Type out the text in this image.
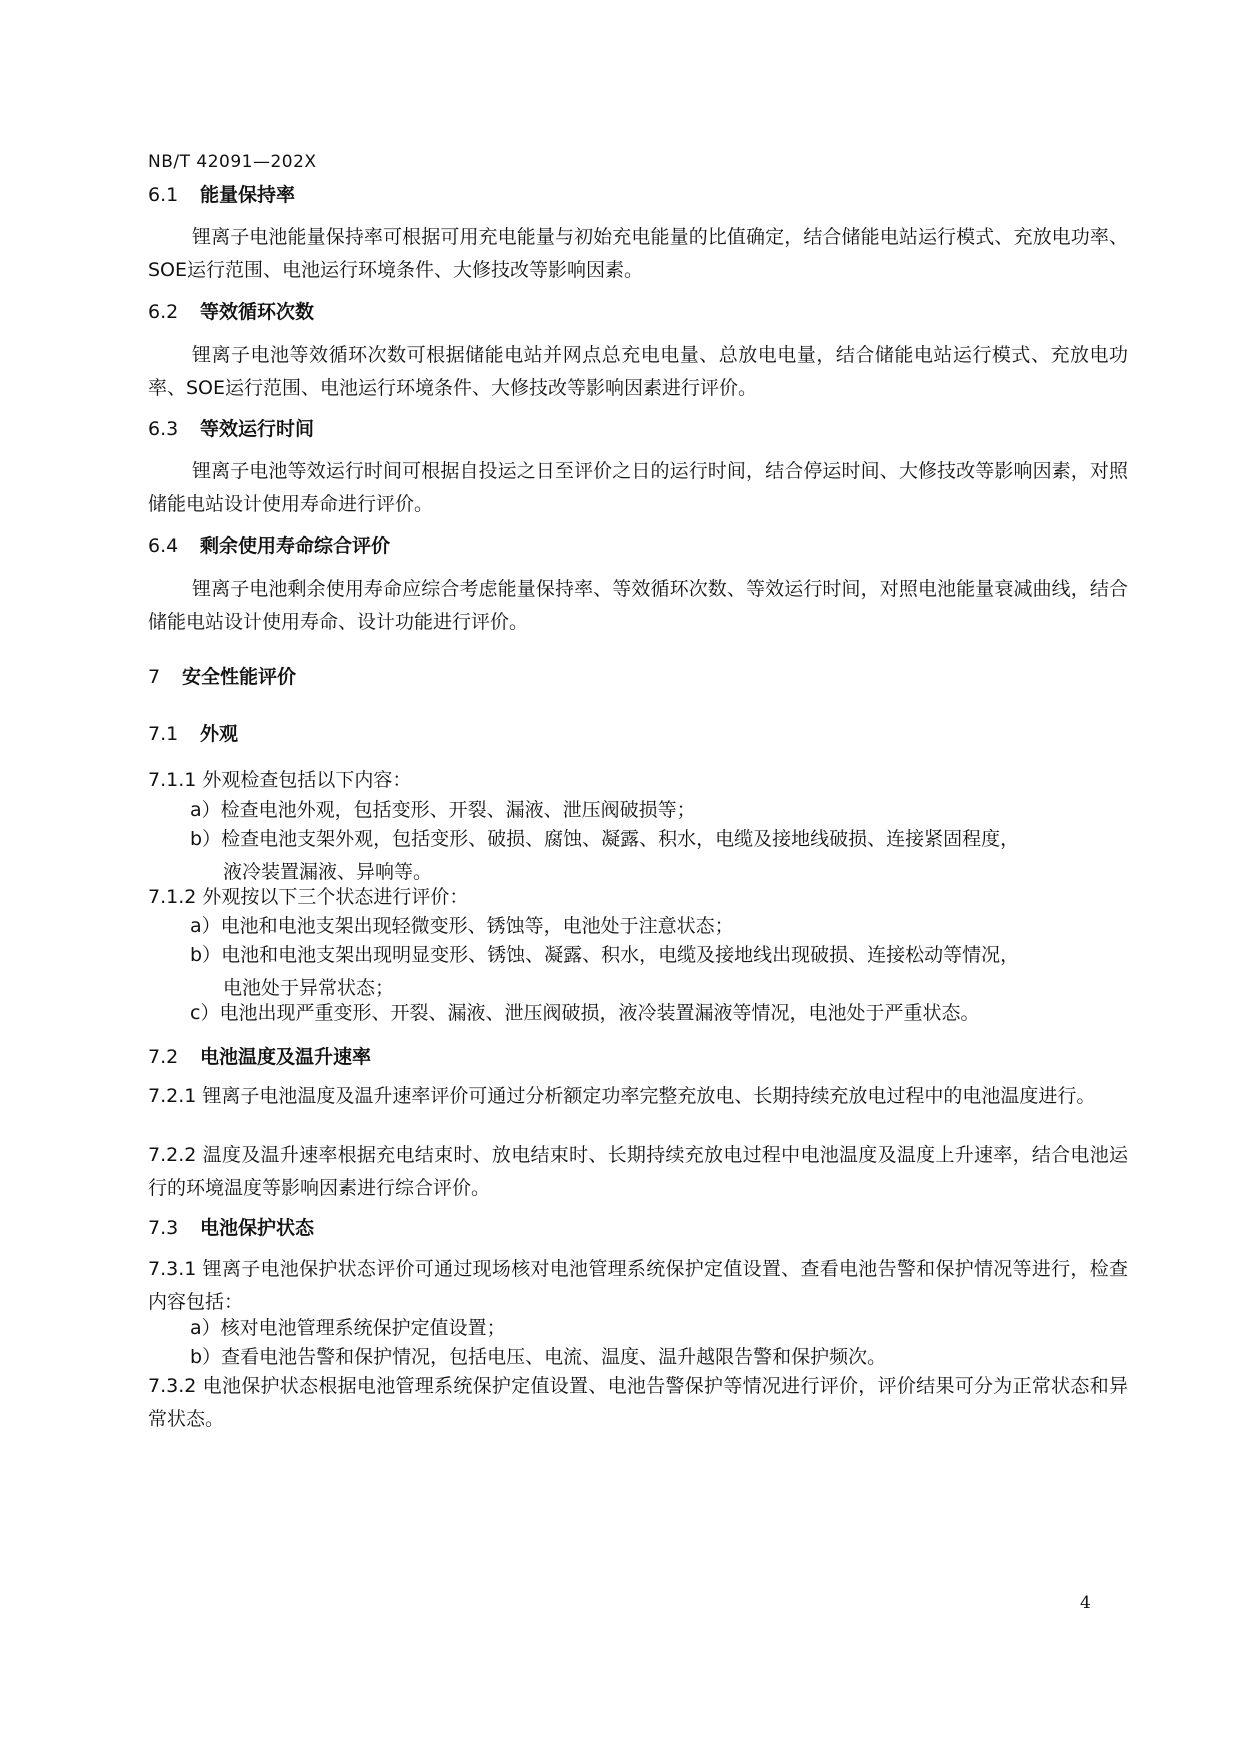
NB/T 42091—202X
6.1 能量保持率
锂离子电池能量保持率可根据可用充电能量与初始充电能量的比值确定，结合储能电站运行模式、充放电功率、SOE运行范围、电池运行环境条件、大修技改等影响因素。
6.2 等效循环次数
锂离子电池等效循环次数可根据储能电站并网点总充电电量、总放电电量，结合储能电站运行模式、充放电功率、SOE运行范围、电池运行环境条件、大修技改等影响因素进行评价。
6.3 等效运行时间
锂离子电池等效运行时间可根据自投运之日至评价之日的运行时间，结合停运时间、大修技改等影响因素，对照储能电站设计使用寿命进行评价。
6.4 剩余使用寿命综合评价
锂离子电池剩余使用寿命应综合考虑能量保持率、等效循环次数、等效运行时间，对照电池能量衰减曲线，结合储能电站设计使用寿命、设计功能进行评价。
7 安全性能评价
7.1 外观
7.1.1 外观检查包括以下内容：
a）检查电池外观，包括变形、开裂、漏液、泄压阀破损等；
b）检查电池支架外观，包括变形、破损、腐蚀、凝露、积水，电缆及接地线破损、连接紧固程度，
液冷装置漏液、异响等。
7.1.2 外观按以下三个状态进行评价：
a）电池和电池支架出现轻微变形、锈蚀等，电池处于注意状态；
b）电池和电池支架出现明显变形、锈蚀、凝露、积水，电缆及接地线出现破损、连接松动等情况，
电池处于异常状态；
c）电池出现严重变形、开裂、漏液、泄压阀破损，液冷装置漏液等情况，电池处于严重状态。
7.2 电池温度及温升速率
7.2.1 锂离子电池温度及温升速率评价可通过分析额定功率完整充放电、长期持续充放电过程中的电池温度进行。
7.2.2 温度及温升速率根据充电结束时、放电结束时、长期持续充放电过程中电池温度及温度上升速率，结合电池运行的环境温度等影响因素进行综合评价。
7.3 电池保护状态
7.3.1 锂离子电池保护状态评价可通过现场核对电池管理系统保护定值设置、查看电池告警和保护情况等进行，检查内容包括：
a）核对电池管理系统保护定值设置；
b）查看电池告警和保护情况，包括电压、电流、温度、温升越限告警和保护频次。
7.3.2 电池保护状态根据电池管理系统保护定值设置、电池告警保护等情况进行评价，评价结果可分为正常状态和异常状态。
4
